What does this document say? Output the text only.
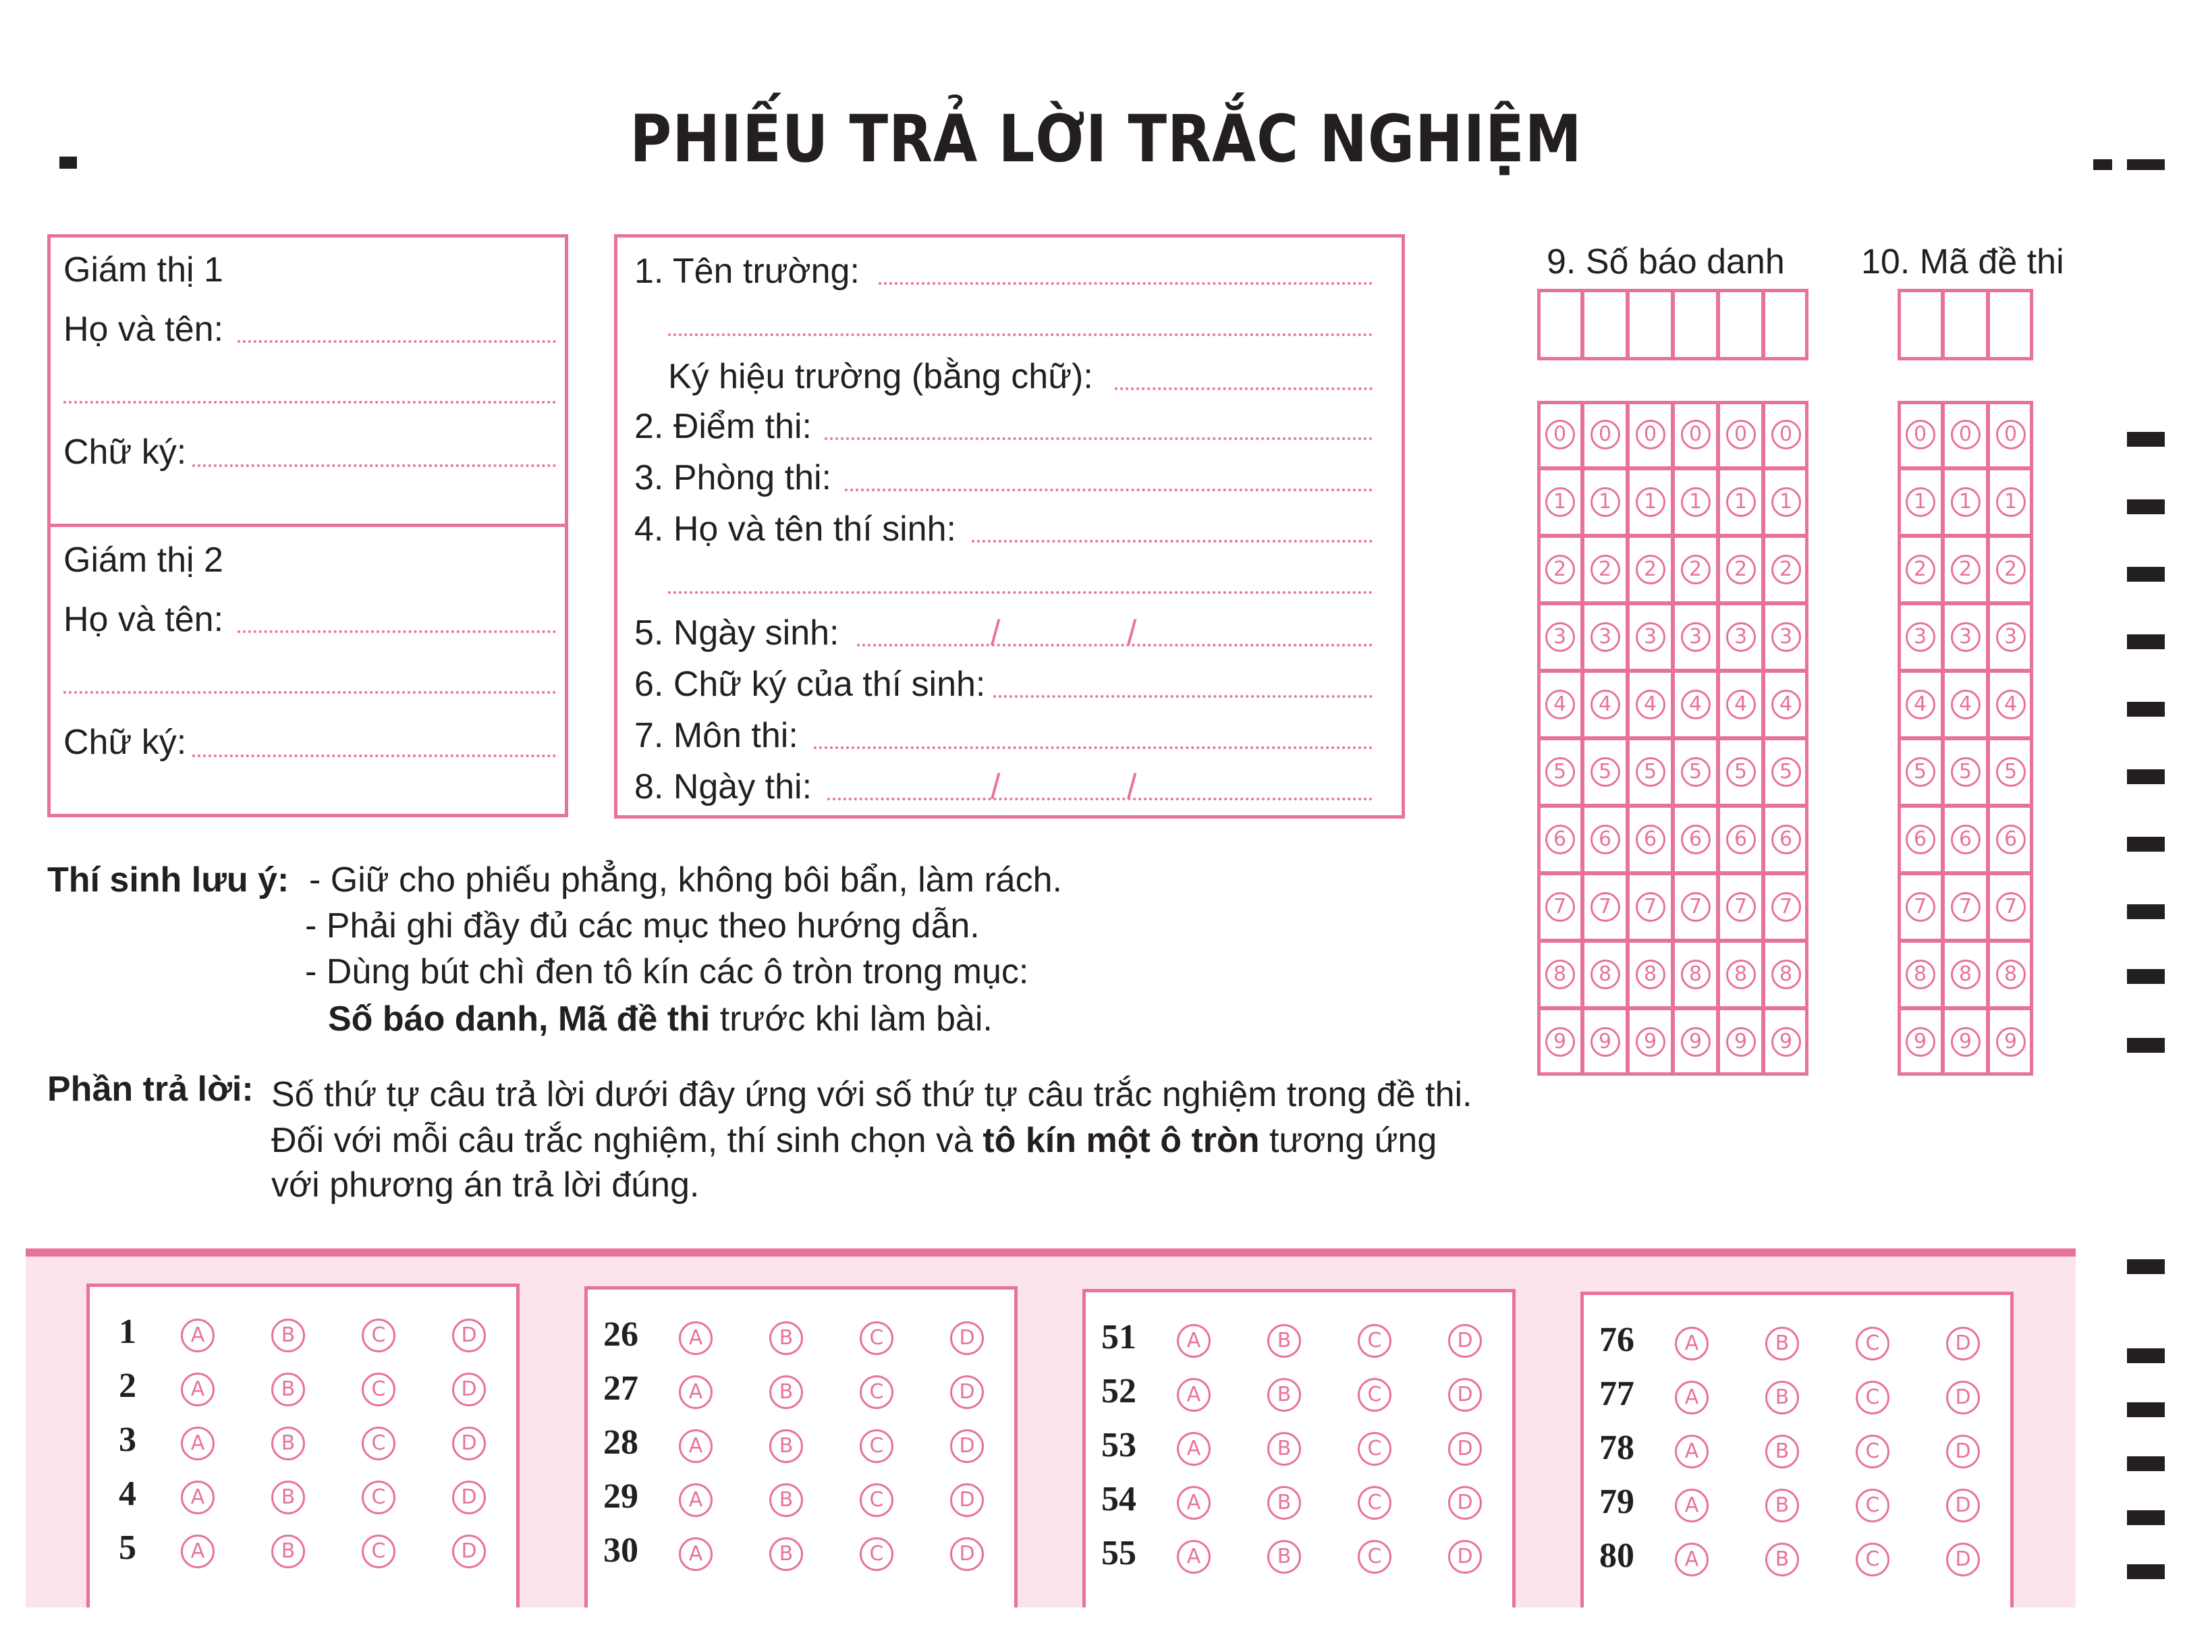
PHIẾU TRẢ LỜI TRẮC NGHIỆM
Giám thị 1
Họ và tên:
Chữ ký:
Giám thị 2
Họ và tên:
Chữ ký:
1. Tên trường:
Ký hiệu trường (bằng chữ):
2. Điểm thi:
3. Phòng thi:
4. Họ và tên thí sinh:
5. Ngày sinh:	/	/
6. Chữ ký của thí sinh:
7. Môn thi:
8. Ngày thi:	/	/
9. Số báo danh 10. Mã đề thi
0	0	0	0	0	0
1	1	1	1	1	1
2	2	2	2	2	2
3	3	3	3	3	3
4	4	4	4	4	4
5	5	5	5	5	5
6	6	6	6	6	6
7	7	7	7	7	7
8	8	8	8	8	8
9	9	9	9	9	9
0	0	0
1	1	1
2	2	2
3	3	3
4	4	4
5	5	5
6	6	6
7	7	7
8	8	8
9	9	9
Thí sinh lưu ý: - Giữ cho phiếu phẳng, không bôi bẩn, làm rách.
- Phải ghi đầy đủ các mục theo hướng dẫn.
- Dùng bút chì đen tô kín các ô tròn trong mục:
Số báo danh, Mã đề thi trước khi làm bài.
Phần trả lời: Số thứ tự câu trả lời dưới đây ứng với số thứ tự câu trắc nghiệm trong đề thi.
Đối với mỗi câu trắc nghiệm, thí sinh chọn và tô kín một ô tròn tương ứng
với phương án trả lời đúng.
1	A	B	C	D
2	A	B	C	D
3	A	B	C	D
4	A	B	C	D
5	A	B	C	D
26	A	B	C	D
27	A	B	C	D
28	A	B	C	D
29	A	B	C	D
30	A	B	C	D
51	A	B	C	D
52	A	B	C	D
53	A	B	C	D
54	A	B	C	D
55	A	B	C	D
76	A	B	C	D
77	A	B	C	D
78	A	B	C	D
79	A	B	C	D
80	A	B	C	D
